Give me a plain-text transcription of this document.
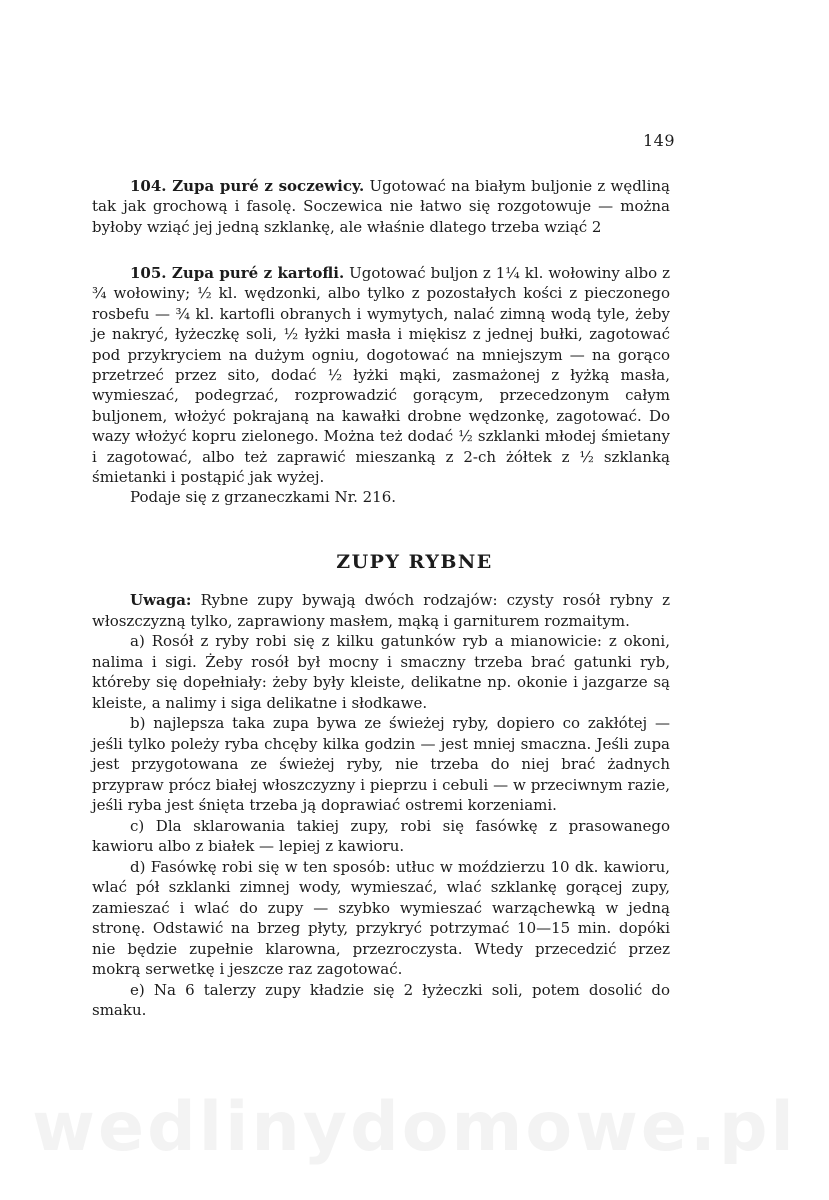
149

104. Zupa puré z soczewicy. Ugotować na białym buljonie z wędliną tak jak grochową i fasolę. Soczewica nie łatwo się rozgotowuje — można byłoby wziąć jej jedną szklankę, ale właśnie dlatego trzeba wziąć 2

105. Zupa puré z kartofli. Ugotować buljon z 1¼ kl. wołowiny albo z ¾ wołowiny; ½ kl. wędzonki, albo tylko z pozostałych kości z pieczonego rosbefu — ¾ kl. kartofli obranych i wymytych, nalać zimną wodą tyle, żeby je nakryć, łyżeczkę soli, ½ łyżki masła i miękisz z jednej bułki, zagotować pod przykryciem na dużym ogniu, dogotować na mniejszym — na gorąco przetrzeć przez sito, dodać ½ łyżki mąki, zasmażonej z łyżką masła, wymieszać, podegrzać, rozprowadzić gorącym, przecedzonym całym buljonem, włożyć pokrajaną na kawałki drobne wędzonkę, zagotować. Do wazy włożyć kopru zielonego. Można też dodać ½ szklanki młodej śmietany i zagotować, albo też zaprawić mieszanką z 2-ch żółtek z ½ szklanką śmietanki i postąpić jak wyżej.

Podaje się z grzaneczkami Nr. 216.

ZUPY RYBNE

Uwaga: Rybne zupy bywają dwóch rodzajów: czysty rosół rybny z włoszczyzną tylko, zaprawiony masłem, mąką i garniturem rozmaitym.

a) Rosół z ryby robi się z kilku gatunków ryb a mianowicie: z okoni, nalima i sigi. Żeby rosół był mocny i smaczny trzeba brać gatunki ryb, któreby się dopełniały: żeby były kleiste, delikatne np. okonie i jazgarze są kleiste, a nalimy i siga delikatne i słodkawe.

b) najlepsza taka zupa bywa ze świeżej ryby, dopiero co zakłótej — jeśli tylko poleży ryba chcęby kilka godzin — jest mniej smaczna. Jeśli zupa jest przygotowana ze świeżej ryby, nie trzeba do niej brać żadnych przypraw prócz białej włoszczyzny i pieprzu i cebuli — w przeciwnym razie, jeśli ryba jest śnięta trzeba ją doprawiać ostremi korzeniami.

c) Dla sklarowania takiej zupy, robi się fasówkę z prasowanego kawioru albo z białek — lepiej z kawioru.

d) Fasówkę robi się w ten sposób: utłuc w moździerzu 10 dk. kawioru, wlać pół szklanki zimnej wody, wymieszać, wlać szklankę gorącej zupy, zamieszać i wlać do zupy — szybko wymieszać warząchewką w jedną stronę. Odstawić na brzeg płyty, przykryć potrzymać 10—15 min. dopóki nie będzie zupełnie klarowna, przezroczysta. Wtedy przecedzić przez mokrą serwetkę i jeszcze raz zagotować.

e) Na 6 talerzy zupy kładzie się 2 łyżeczki soli, potem dosolić do smaku.

wedlinydomowe.pl
